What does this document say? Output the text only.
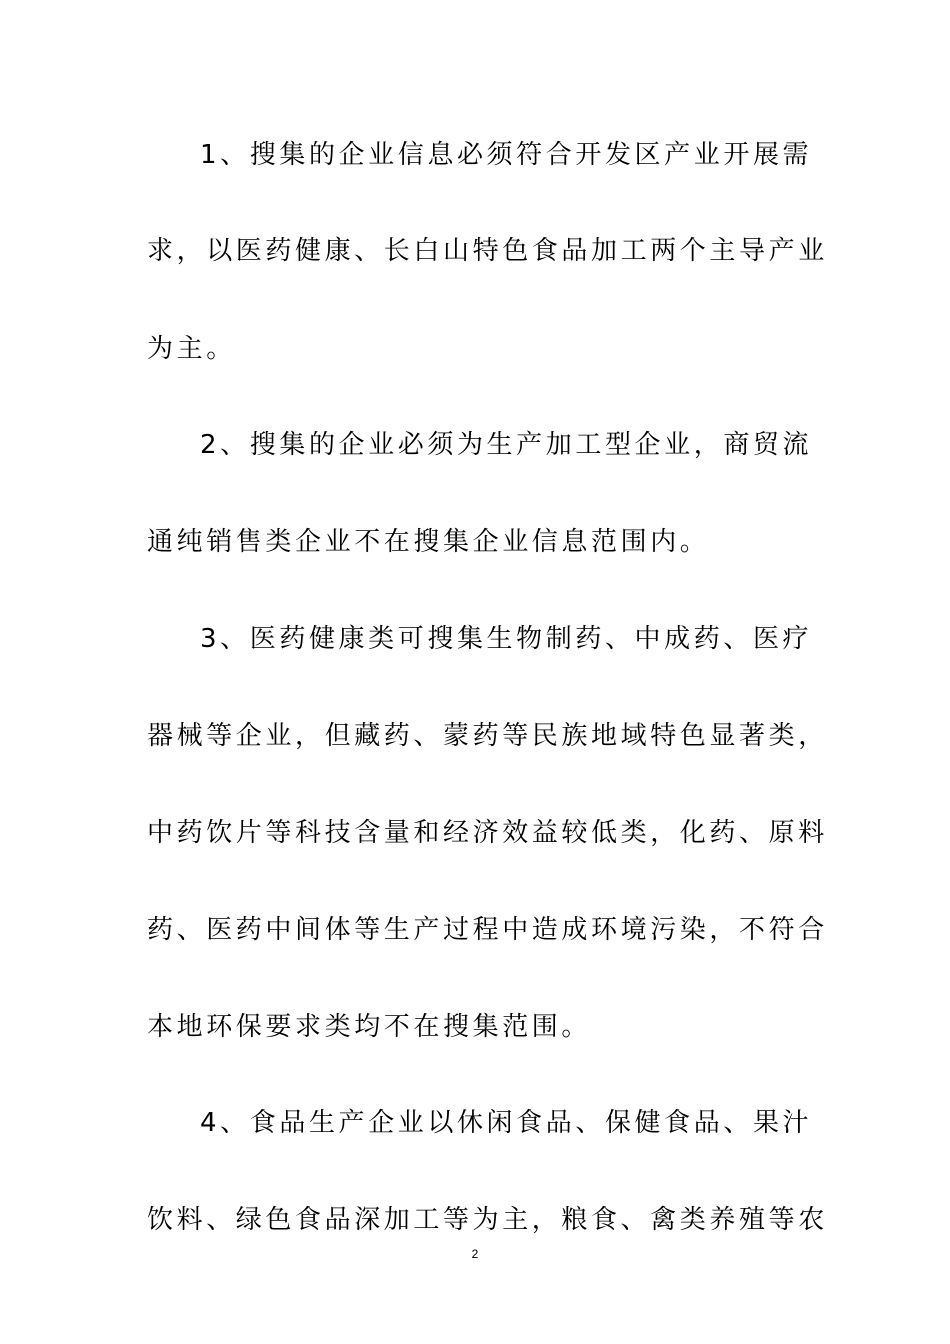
1、搜集的企业信息必须符合开发区产业开展需
求，以医药健康、长白山特色食品加工两个主导产业
为主。
2、搜集的企业必须为生产加工型企业，商贸流
通纯销售类企业不在搜集企业信息范围内。
3、医药健康类可搜集生物制药、中成药、医疗
器械等企业，但藏药、蒙药等民族地域特色显著类，
中药饮片等科技含量和经济效益较低类，化药、原料
药、医药中间体等生产过程中造成环境污染，不符合
本地环保要求类均不在搜集范围。
4、食品生产企业以休闲食品、保健食品、果汁
饮料、绿色食品深加工等为主，粮食、禽类养殖等农
2
